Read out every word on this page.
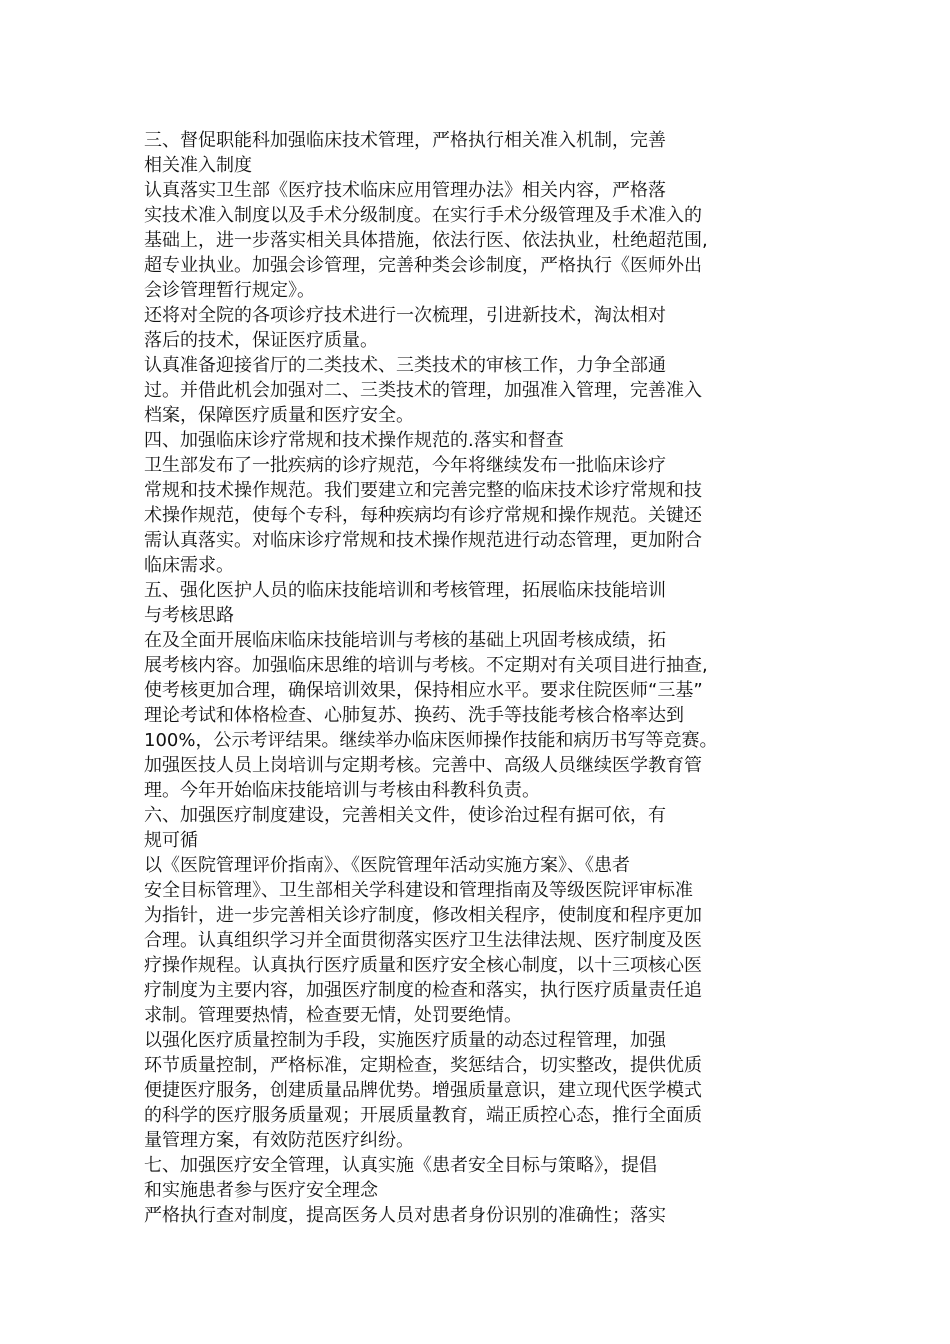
三、督促职能科加强临床技术管理，严格执行相关准入机制，完善
相关准入制度
认真落实卫生部《医疗技术临床应用管理办法》相关内容，严格落
实技术准入制度以及手术分级制度。在实行手术分级管理及手术准入的
基础上，进一步落实相关具体措施，依法行医、依法执业，杜绝超范围,
超专业执业。加强会诊管理，完善种类会诊制度，严格执行《医师外出
会诊管理暂行规定》。
还将对全院的各项诊疗技术进行一次梳理，引进新技术，淘汰相对
落后的技术，保证医疗质量。
认真准备迎接省厅的二类技术、三类技术的审核工作，力争全部通
过。并借此机会加强对二、三类技术的管理，加强准入管理，完善准入
档案，保障医疗质量和医疗安全。
四、加强临床诊疗常规和技术操作规范的.落实和督查
卫生部发布了一批疾病的诊疗规范，今年将继续发布一批临床诊疗
常规和技术操作规范。我们要建立和完善完整的临床技术诊疗常规和技
术操作规范，使每个专科，每种疾病均有诊疗常规和操作规范。关键还
需认真落实。对临床诊疗常规和技术操作规范进行动态管理，更加附合
临床需求。
五、强化医护人员的临床技能培训和考核管理，拓展临床技能培训
与考核思路
在及全面开展临床临床技能培训与考核的基础上巩固考核成绩，拓
展考核内容。加强临床思维的培训与考核。不定期对有关项目进行抽查,
使考核更加合理，确保培训效果，保持相应水平。要求住院医师“三基”
理论考试和体格检查、心肺复苏、换药、洗手等技能考核合格率达到
100%，公示考评结果。继续举办临床医师操作技能和病历书写等竞赛。
加强医技人员上岗培训与定期考核。完善中、高级人员继续医学教育管
理。今年开始临床技能培训与考核由科教科负责。
六、加强医疗制度建设，完善相关文件，使诊治过程有据可依，有
规可循
以《医院管理评价指南》、《医院管理年活动实施方案》、《患者
安全目标管理》、卫生部相关学科建设和管理指南及等级医院评审标准
为指针，进一步完善相关诊疗制度，修改相关程序，使制度和程序更加
合理。认真组织学习并全面贯彻落实医疗卫生法律法规、医疗制度及医
疗操作规程。认真执行医疗质量和医疗安全核心制度，以十三项核心医
疗制度为主要内容，加强医疗制度的检查和落实，执行医疗质量责任追
求制。管理要热情，检查要无情，处罚要绝情。
以强化医疗质量控制为手段，实施医疗质量的动态过程管理，加强
环节质量控制，严格标准，定期检查，奖惩结合，切实整改，提供优质
便捷医疗服务，创建质量品牌优势。增强质量意识，建立现代医学模式
的科学的医疗服务质量观；开展质量教育，端正质控心态，推行全面质
量管理方案，有效防范医疗纠纷。
七、加强医疗安全管理，认真实施《患者安全目标与策略》，提倡
和实施患者参与医疗安全理念
严格执行查对制度，提高医务人员对患者身份识别的准确性；落实
